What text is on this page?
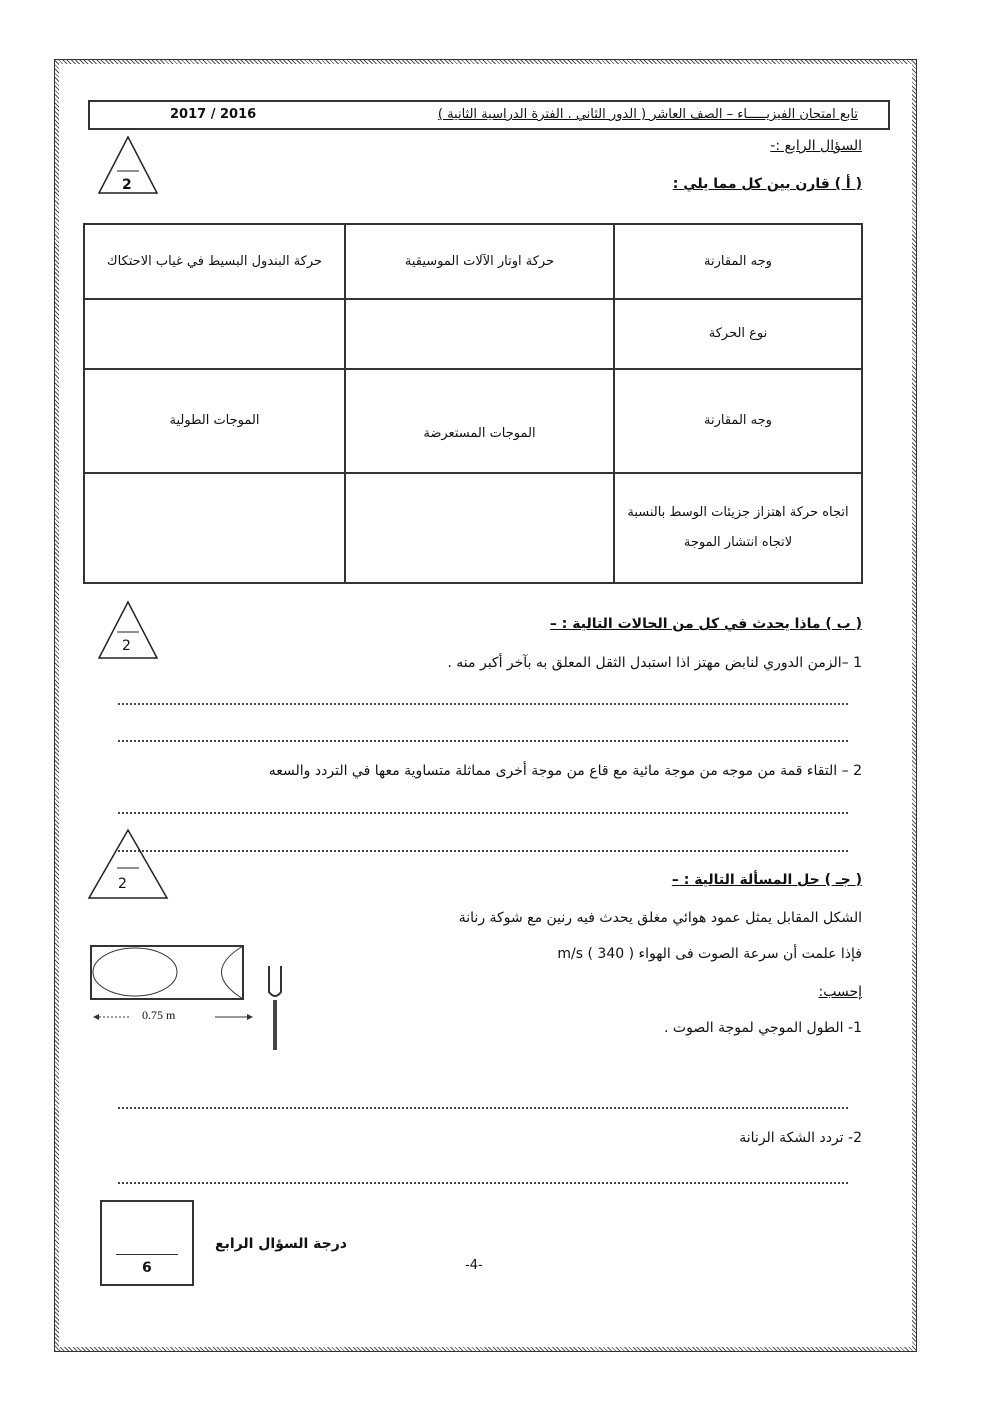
تابع امتحان الفيزيـــــاء – الصف العاشر ( الدور الثاني . الفترة الدراسية الثانية )
2017 / 2016
السؤال الرابع :-
2	( أ ) قارن بين كل مما يلي :
وجه المقارنة	حركة اوتار الآلات الموسيقية	حركة البندول البسيط في غياب الاحتكاك
نوع الحركة		
وجه المقارنة	الموجات المستعرضة	الموجات الطولية
اتجاه حركة اهتزاز جزيئات الوسط بالنسبة لاتجاه انتشار الموجة		
2
( ب ) ماذا يحدث في كل من الحالات التالية : –
1 –الزمن الدوري لنابض مهتز اذا استبدل الثقل المعلق به بآخر أكبر منه .
2 – التقاء قمة من موجه من موجة مائية مع قاع من موجة أخرى مماثلة متساوية معها في التردد والسعه
2	( جـ ) حل المسألة التالية : –
الشكل المقابل يمثل عمود هوائي مغلق يحدث فيه رنين مع شوكة رنانة
فإذا علمت أن سرعة الصوت فى الهواء m/s ( 340 )
إحسب:
1- الطول الموجي لموجة الصوت .
0.75 m
2- تردد الشكة الرنانة
6
درجة السؤال الرابع
-4-
